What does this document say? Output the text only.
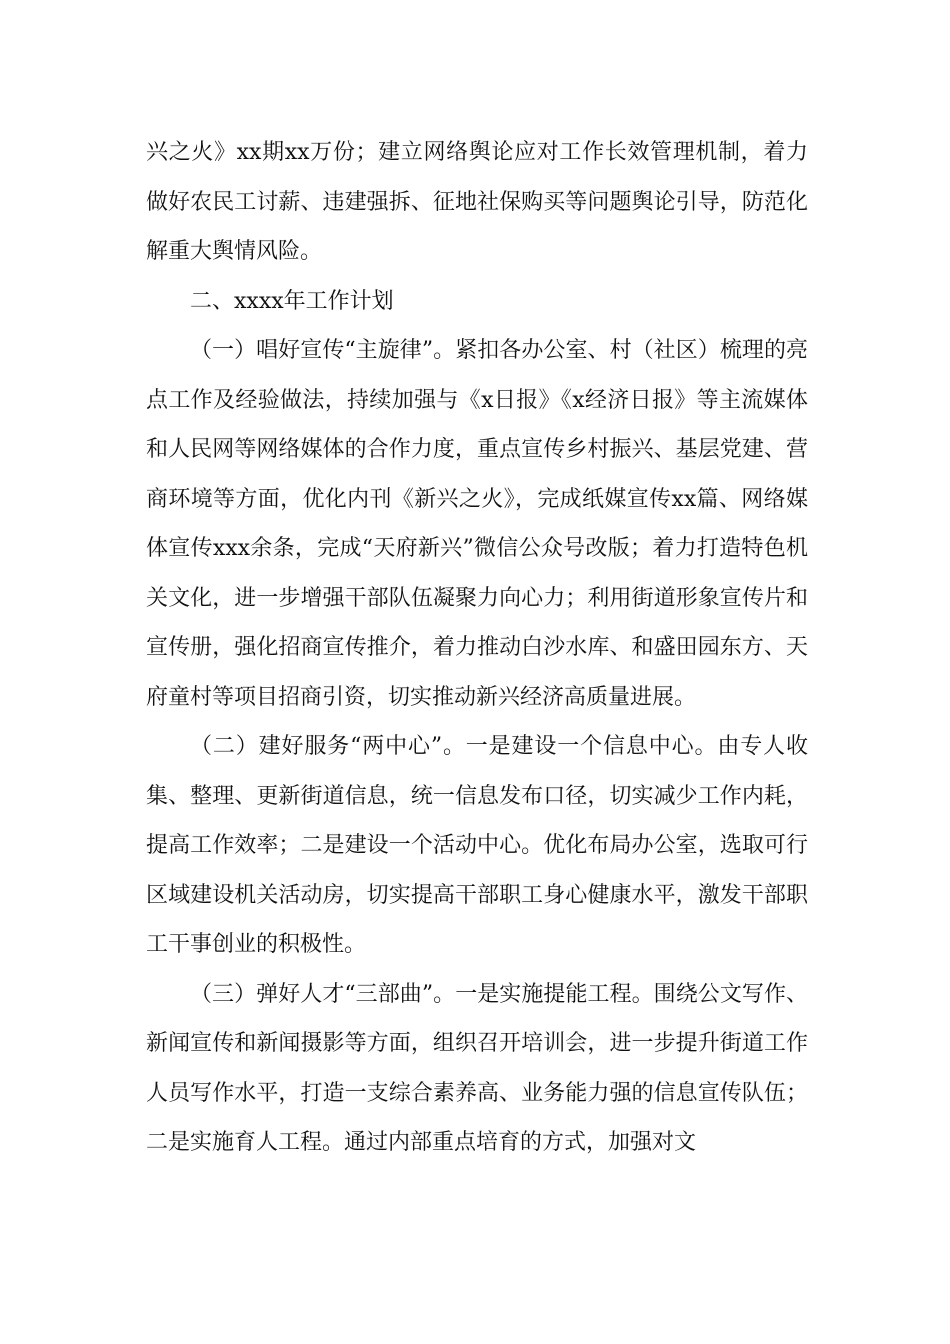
兴之火》xx期xx万份；建立网络舆论应对工作长效管理机制，着力做好农民工讨薪、违建强拆、征地社保购买等问题舆论引导，防范化解重大舆情风险。

二、xxxx年工作计划

（一）唱好宣传“主旋律”。紧扣各办公室、村（社区）梳理的亮点工作及经验做法，持续加强与《x日报》《x经济日报》等主流媒体和人民网等网络媒体的合作力度，重点宣传乡村振兴、基层党建、营商环境等方面，优化内刊《新兴之火》，完成纸媒宣传xx篇、网络媒体宣传xxx余条，完成“天府新兴”微信公众号改版；着力打造特色机关文化，进一步增强干部队伍凝聚力向心力；利用街道形象宣传片和宣传册，强化招商宣传推介，着力推动白沙水库、和盛田园东方、天府童村等项目招商引资，切实推动新兴经济高质量进展。

（二）建好服务“两中心”。一是建设一个信息中心。由专人收集、整理、更新街道信息，统一信息发布口径，切实减少工作内耗，提高工作效率；二是建设一个活动中心。优化布局办公室，选取可行区域建设机关活动房，切实提高干部职工身心健康水平，激发干部职工干事创业的积极性。

（三）弹好人才“三部曲”。一是实施提能工程。围绕公文写作、新闻宣传和新闻摄影等方面，组织召开培训会，进一步提升街道工作人员写作水平，打造一支综合素养高、业务能力强的信息宣传队伍；二是实施育人工程。通过内部重点培育的方式，加强对文
